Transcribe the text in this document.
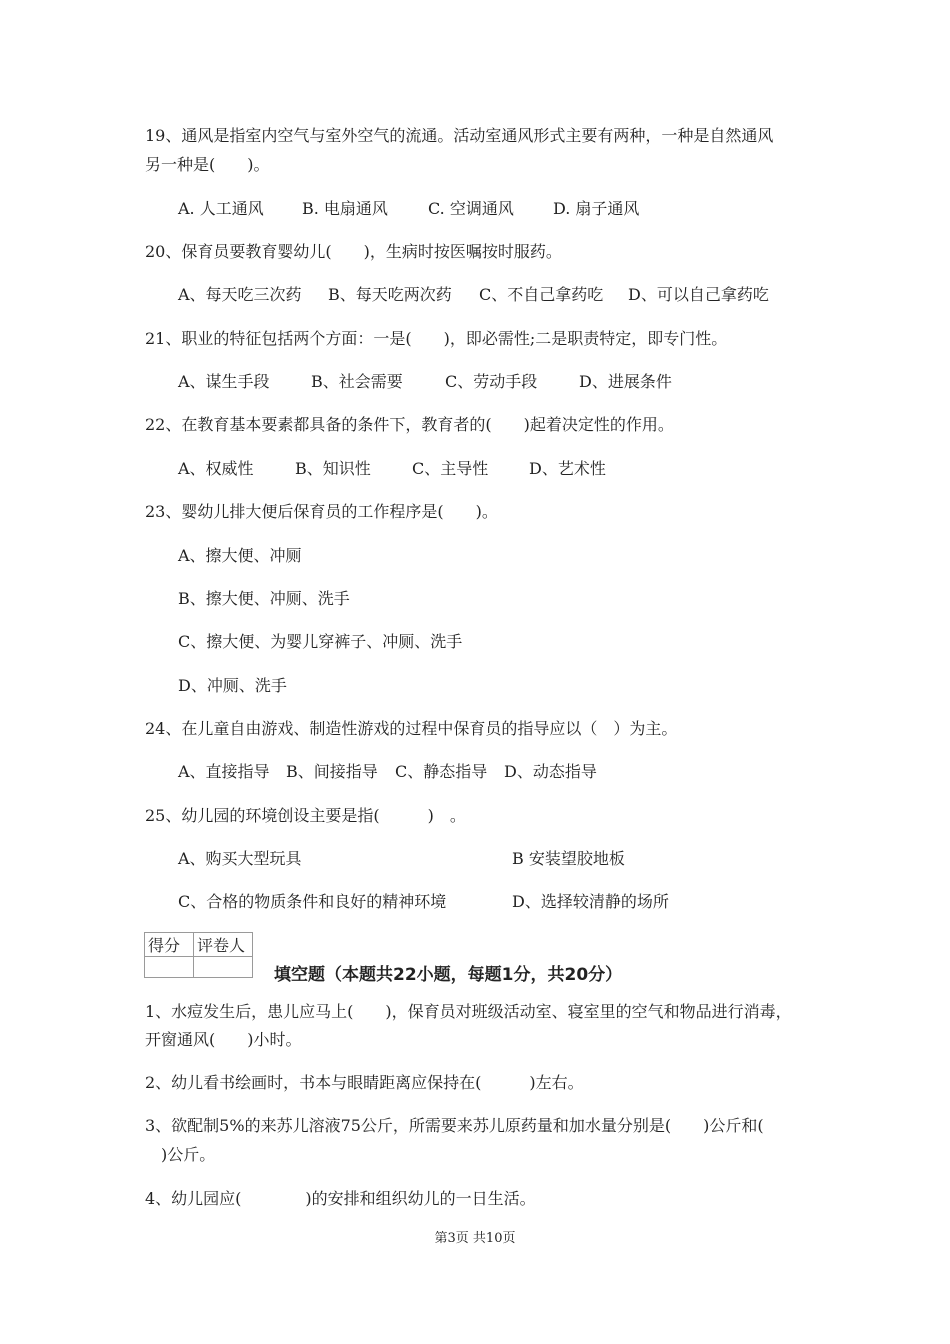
19、通风是指室内空气与室外空气的流通。活动室通风形式主要有两种，一种是自然通风
另一种是(　　)。
A. 人工通风 B. 电扇通风	C. 空调通风 D. 扇子通风
20、保育员要教育婴幼儿(　　)，生病时按医嘱按时服药。
A、每天吃三次药 B、每天吃两次药 C、不自己拿药吃 D、可以自己拿药吃
21、职业的特征包括两个方面：一是(　　)，即必需性;二是职责特定，即专门性。
A、谋生手段	B、社会需要	C、劳动手段	D、进展条件
22、在教育基本要素都具备的条件下，教育者的(　　)起着决定性的作用。
A、权威性	B、知识性	C、主导性	D、艺术性
23、婴幼儿排大便后保育员的工作程序是(　　)。
A、擦大便、冲厕
B、擦大便、冲厕、洗手
C、擦大便、为婴儿穿裤子、冲厕、洗手
D、冲厕、洗手
24、在儿童自由游戏、制造性游戏的过程中保育员的指导应以（　）为主。
A、直接指导 B、间接指导 C、静态指导 D、动态指导
25、幼儿园的环境创设主要是指(　　　)　。
A、购买大型玩具	B 安装望胶地板
C、合格的物质条件和良好的精神环境	D、选择较清静的场所
得分	评卷人

填空题（本题共22小题，每题1分，共20分）
1、水痘发生后，患儿应马上(　　)，保育员对班级活动室、寝室里的空气和物品进行消毒，
开窗通风(　　)小时。
2、幼儿看书绘画时，书本与眼睛距离应保持在(　　　)左右。
3、欲配制5%的来苏儿溶液75公斤，所需要来苏儿原药量和加水量分别是(　　)公斤和(
　)公斤。
4、幼儿园应(　　　　)的安排和组织幼儿的一日生活。
第3页 共10页
